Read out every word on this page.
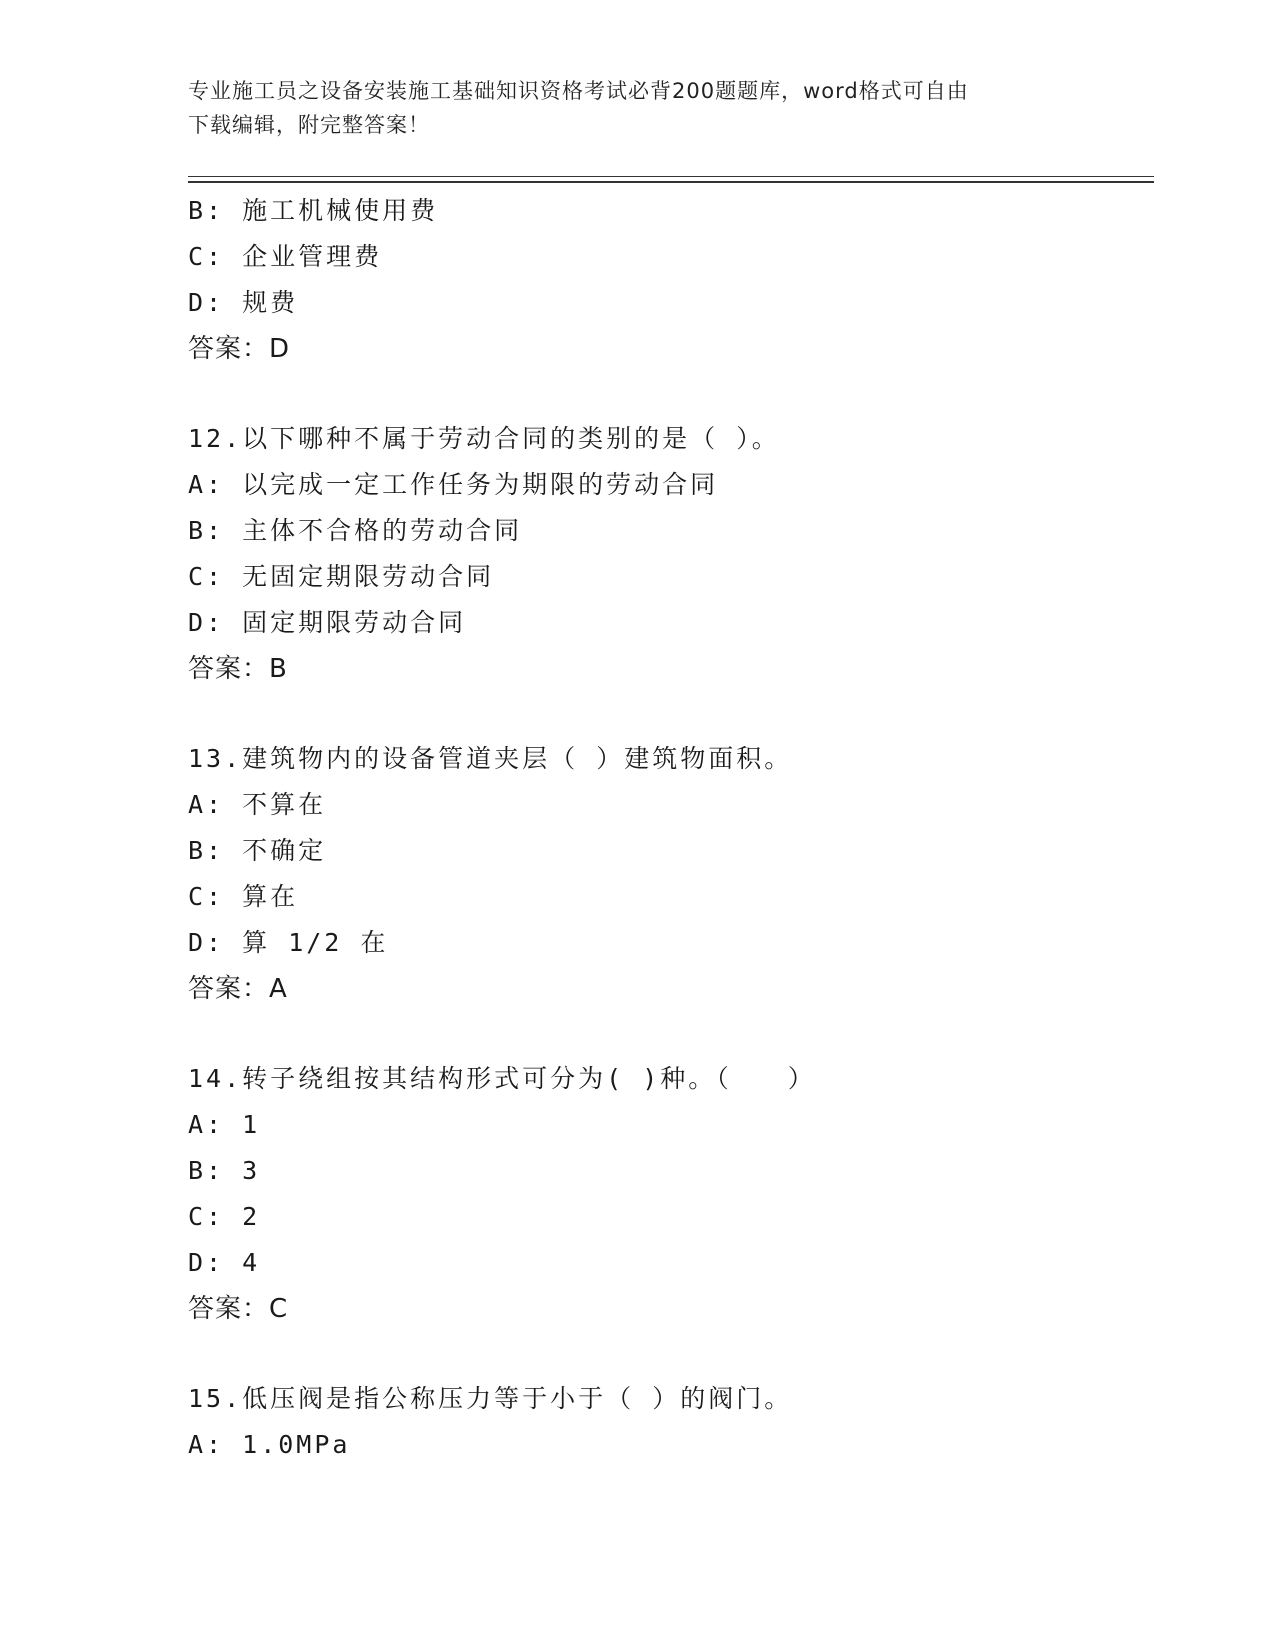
专业施工员之设备安装施工基础知识资格考试必背200题题库，word格式可自由
下载编辑，附完整答案！
B: 施工机械使用费
C: 企业管理费
D: 规费
答案：D
12.以下哪种不属于劳动合同的类别的是（ ）。
A: 以完成一定工作任务为期限的劳动合同
B: 主体不合格的劳动合同
C: 无固定期限劳动合同
D: 固定期限劳动合同
答案：B
13.建筑物内的设备管道夹层（ ）建筑物面积。
A: 不算在
B: 不确定
C: 算在
D: 算 1/2 在
答案：A
14.转子绕组按其结构形式可分为( )种。（　　）
A: 1
B: 3
C: 2
D: 4
答案：C
15.低压阀是指公称压力等于小于（ ）的阀门。
A: 1.0MPa
